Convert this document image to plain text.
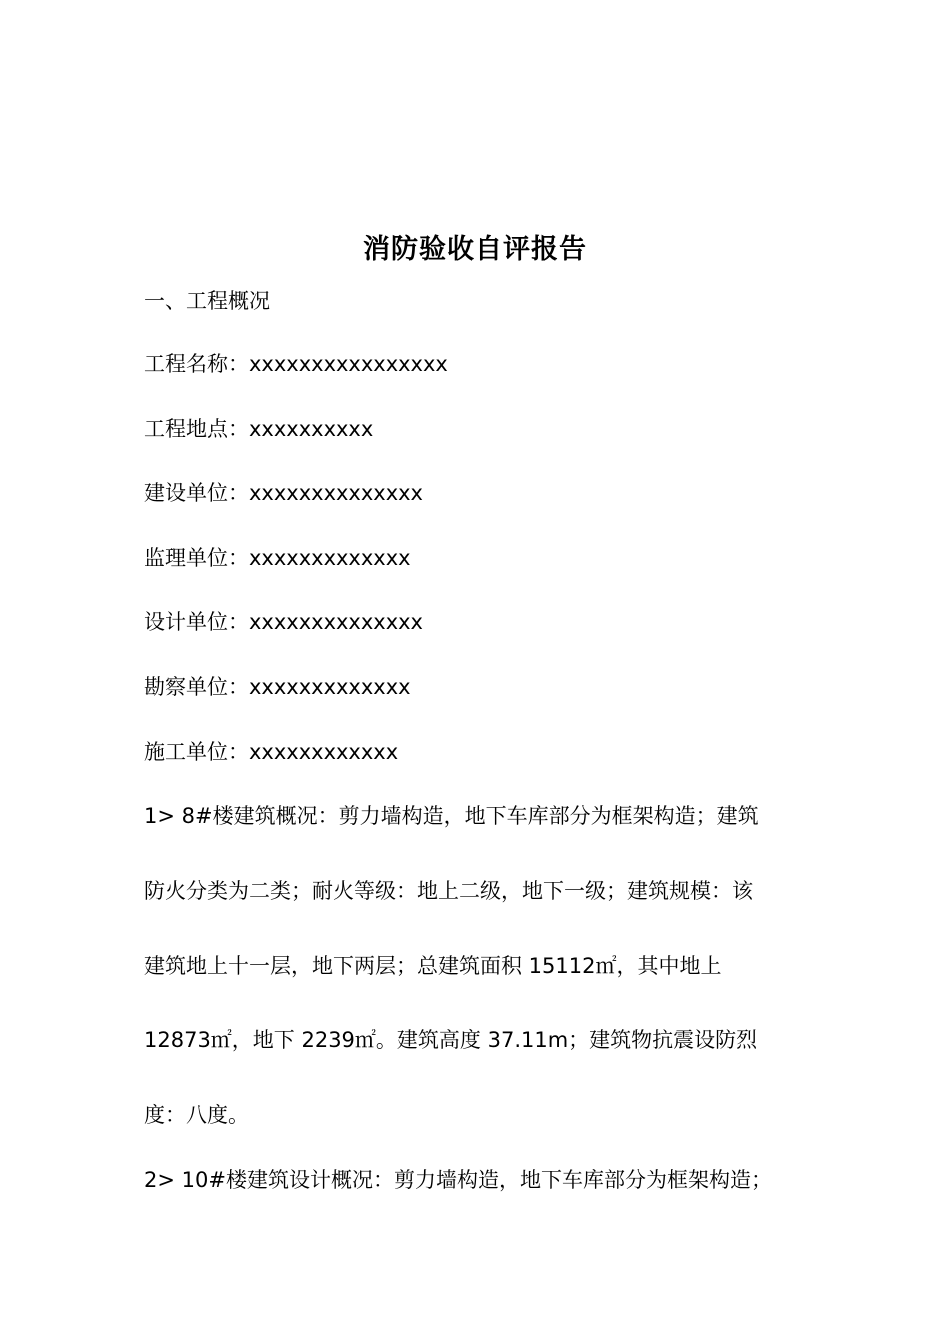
消防验收自评报告
一、工程概况
工程名称：xxxxxxxxxxxxxxxx
工程地点：xxxxxxxxxx
建设单位：xxxxxxxxxxxxxx
监理单位：xxxxxxxxxxxxx
设计单位：xxxxxxxxxxxxxx
勘察单位：xxxxxxxxxxxxx
施工单位：xxxxxxxxxxxx
1> 8#楼建筑概况：剪力墙构造，地下车库部分为框架构造；建筑
防火分类为二类；耐火等级：地上二级，地下一级；建筑规模：该
建筑地上十一层，地下两层；总建筑面积 15112㎡，其中地上
12873㎡，地下 2239㎡。建筑高度 37.11m；建筑物抗震设防烈
度：八度。
2> 10#楼建筑设计概况：剪力墙构造，地下车库部分为框架构造；
